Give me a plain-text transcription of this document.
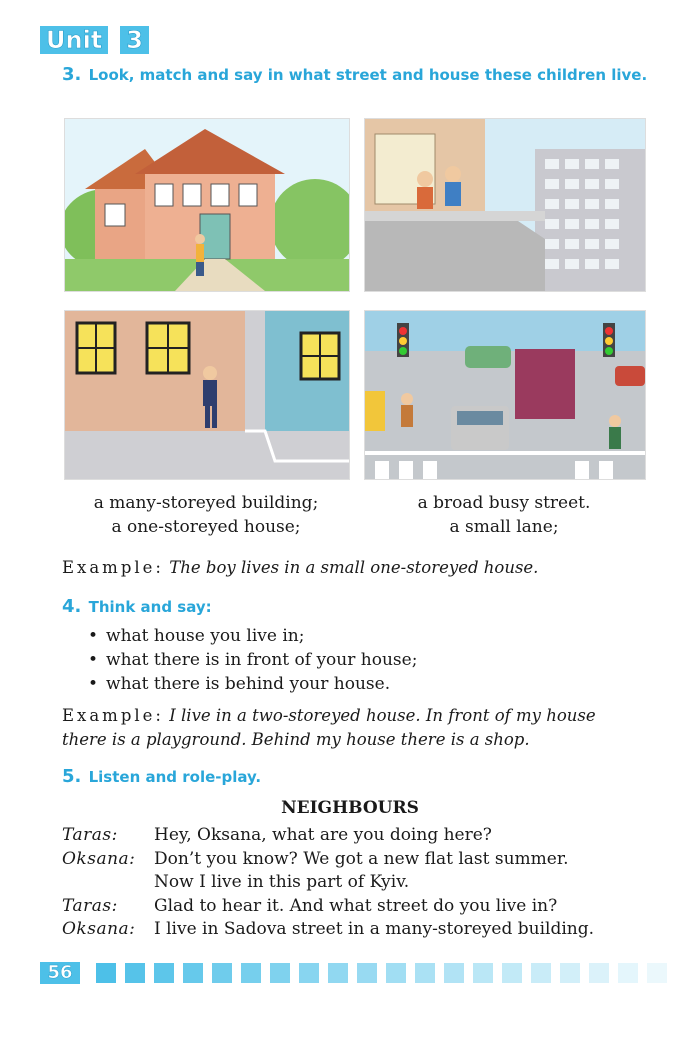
Unit 3
3. Look, match and say in what street and house these children live.
a many-storeyed building;
a one-storeyed house;
a broad busy street.
a small lane;
Example: The boy lives in a small one-storeyed house.
4. Think and say:
• what house you live in;
• what there is in front of your house;
• what there is behind your house.
Example: I live in a two-storeyed house. In front of my house
there is a playground. Behind my house there is a shop.
5. Listen and role-play.
NEIGHBOURS
Taras:	Hey, Oksana, what are you doing here?
Oksana:	Don’t you know? We got a new flat last summer.
Now I live in this part of Kyiv.
Taras:	Glad to hear it. And what street do you live in?
Oksana:	I live in Sadova street in a many-storeyed building.
56
